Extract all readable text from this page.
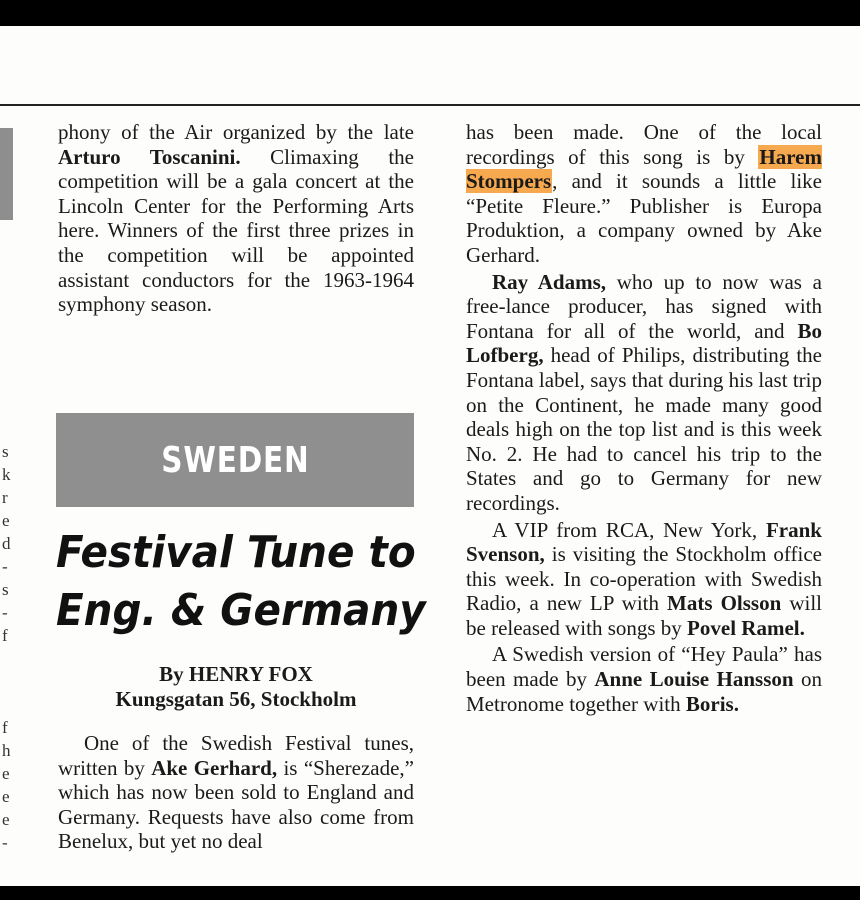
s
k
r
e
d
-
s
-
f

f
h
e
e
e
-

phony of the Air organized by the late Arturo Toscanini. Climaxing the competition will be a gala concert at the Lincoln Center for the Performing Arts here. Winners of the first three prizes in the competition will be appointed assistant conductors for the 1963-1964 symphony season.

SWEDEN
Festival Tune to
Eng. & Germany
By HENRY FOX
Kungsgatan 56, Stockholm

One of the Swedish Festival tunes, written by Ake Gerhard, is “Sherezade,” which has now been sold to England and Germany. Requests have also come from Benelux, but yet no deal

has been made. One of the local recordings of this song is by Harem Stompers, and it sounds a little like “Petite Fleure.” Publisher is Europa Produktion, a company owned by Ake Gerhard.

Ray Adams, who up to now was a free-lance producer, has signed with Fontana for all of the world, and Bo Lofberg, head of Philips, distributing the Fontana label, says that during his last trip on the Continent, he made many good deals high on the top list and is this week No. 2. He had to cancel his trip to the States and go to Germany for new recordings.

A VIP from RCA, New York, Frank Svenson, is visiting the Stockholm office this week. In co-operation with Swedish Radio, a new LP with Mats Olsson will be released with songs by Povel Ramel.

A Swedish version of “Hey Paula” has been made by Anne Louise Hansson on Metronome together with Boris.
